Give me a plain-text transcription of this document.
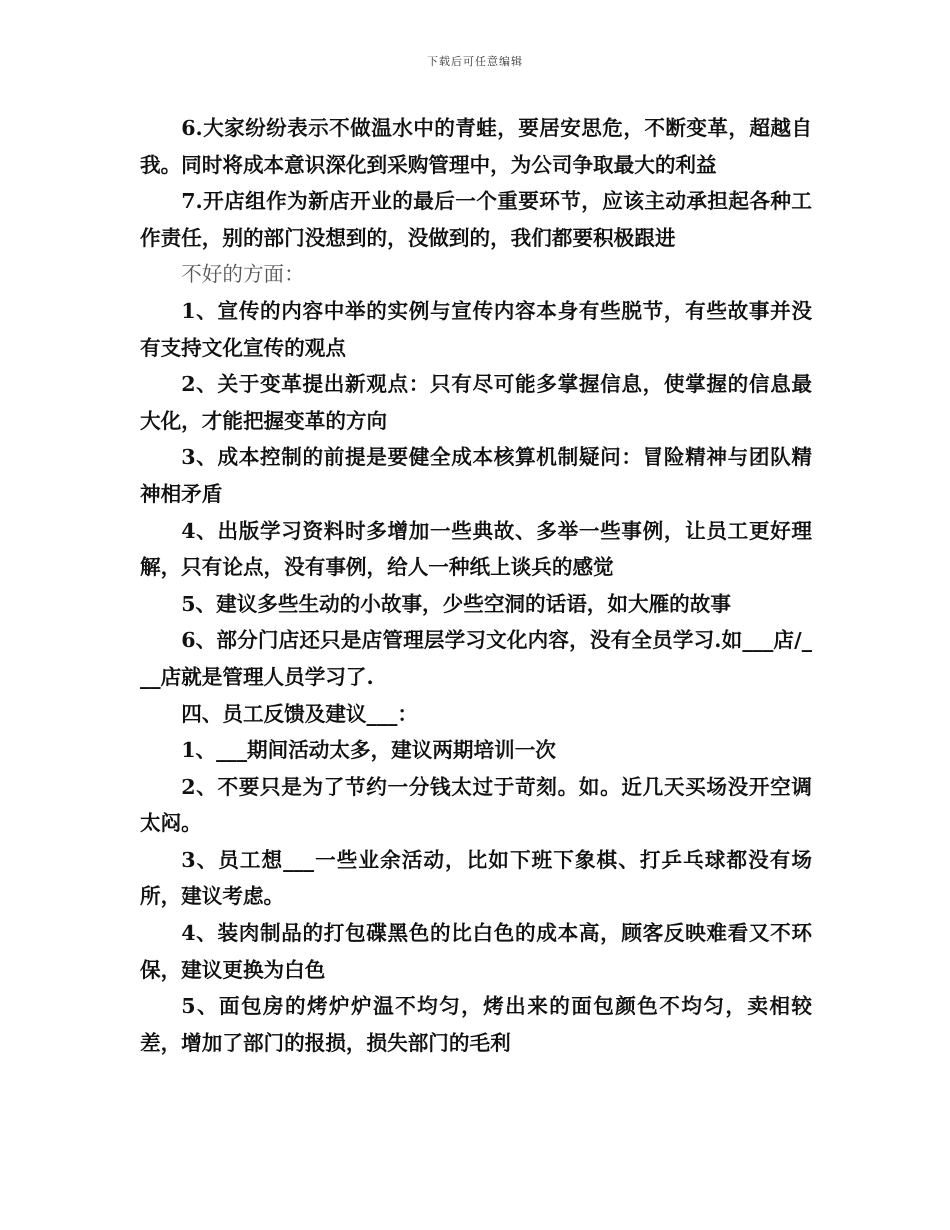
下载后可任意编辑

6.大家纷纷表示不做温水中的青蛙，要居安思危，不断变革，超越自我。同时将成本意识深化到采购管理中，为公司争取最大的利益

7.开店组作为新店开业的最后一个重要环节，应该主动承担起各种工作责任，别的部门没想到的，没做到的，我们都要积极跟进

不好的方面：

1、宣传的内容中举的实例与宣传内容本身有些脱节，有些故事并没有支持文化宣传的观点

2、关于变革提出新观点：只有尽可能多掌握信息，使掌握的信息最大化，才能把握变革的方向

3、成本控制的前提是要健全成本核算机制疑问：冒险精神与团队精神相矛盾

4、出版学习资料时多增加一些典故、多举一些事例，让员工更好理解，只有论点，没有事例，给人一种纸上谈兵的感觉

5、建议多些生动的小故事，少些空洞的话语，如大雁的故事

6、部分门店还只是店管理层学习文化内容，没有全员学习.如___店/___店就是管理人员学习了.

四、员工反馈及建议___：

1、___期间活动太多，建议两期培训一次

2、不要只是为了节约一分钱太过于苛刻。如。近几天买场没开空调太闷。

3、员工想___一些业余活动，比如下班下象棋、打乒乓球都没有场所，建议考虑。

4、装肉制品的打包碟黑色的比白色的成本高，顾客反映难看又不环保，建议更换为白色

5、面包房的烤炉炉温不均匀，烤出来的面包颜色不均匀，卖相较差，增加了部门的报损，损失部门的毛利
